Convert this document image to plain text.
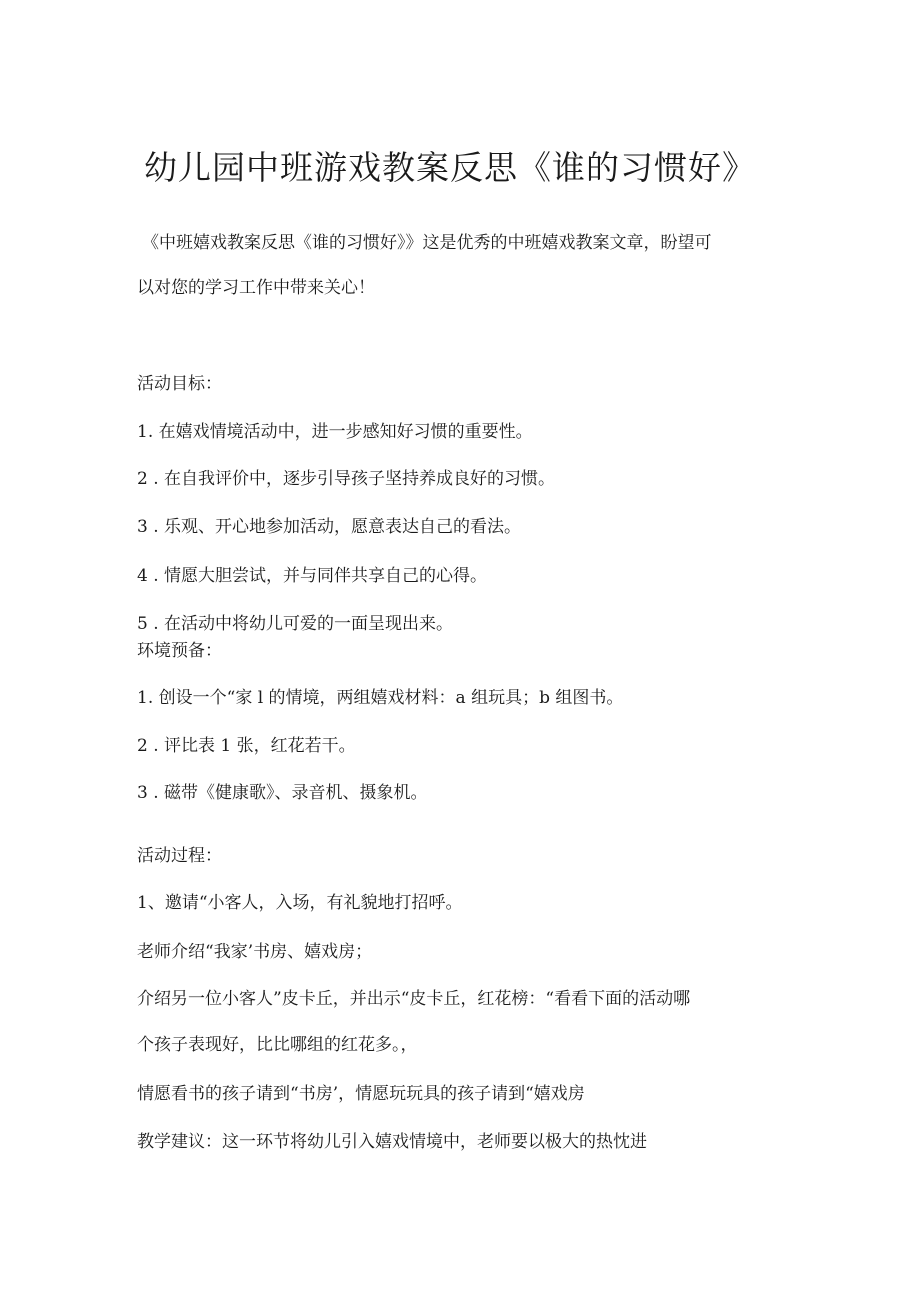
幼儿园中班游戏教案反思《谁的习惯好》

《中班嬉戏教案反思《谁的习惯好》》这是优秀的中班嬉戏教案文章，盼望可

以对您的学习工作中带来关心！

活动目标：

1. 在嬉戏情境活动中，进一步感知好习惯的重要性。

2 . 在自我评价中，逐步引导孩子坚持养成良好的习惯。

3 . 乐观、开心地参加活动，愿意表达自己的看法。

4 . 情愿大胆尝试，并与同伴共享自己的心得。

5 . 在活动中将幼儿可爱的一面呈现出来。

环境预备：

1. 创设一个“家 l 的情境，两组嬉戏材料：a 组玩具；b 组图书。

2 . 评比表 1 张，红花若干。

3 . 磁带《健康歌》、录音机、摄象机。

活动过程：

1、邀请“小客人，入场，有礼貌地打招呼。

老师介绍“我家’书房、嬉戏房；

介绍另一位小客人”皮卡丘，并出示“皮卡丘，红花榜：“看看下面的活动哪

个孩子表现好，比比哪组的红花多。，

情愿看书的孩子请到“书房’，情愿玩玩具的孩子请到“嬉戏房

教学建议：这一环节将幼儿引入嬉戏情境中，老师要以极大的热忱进
